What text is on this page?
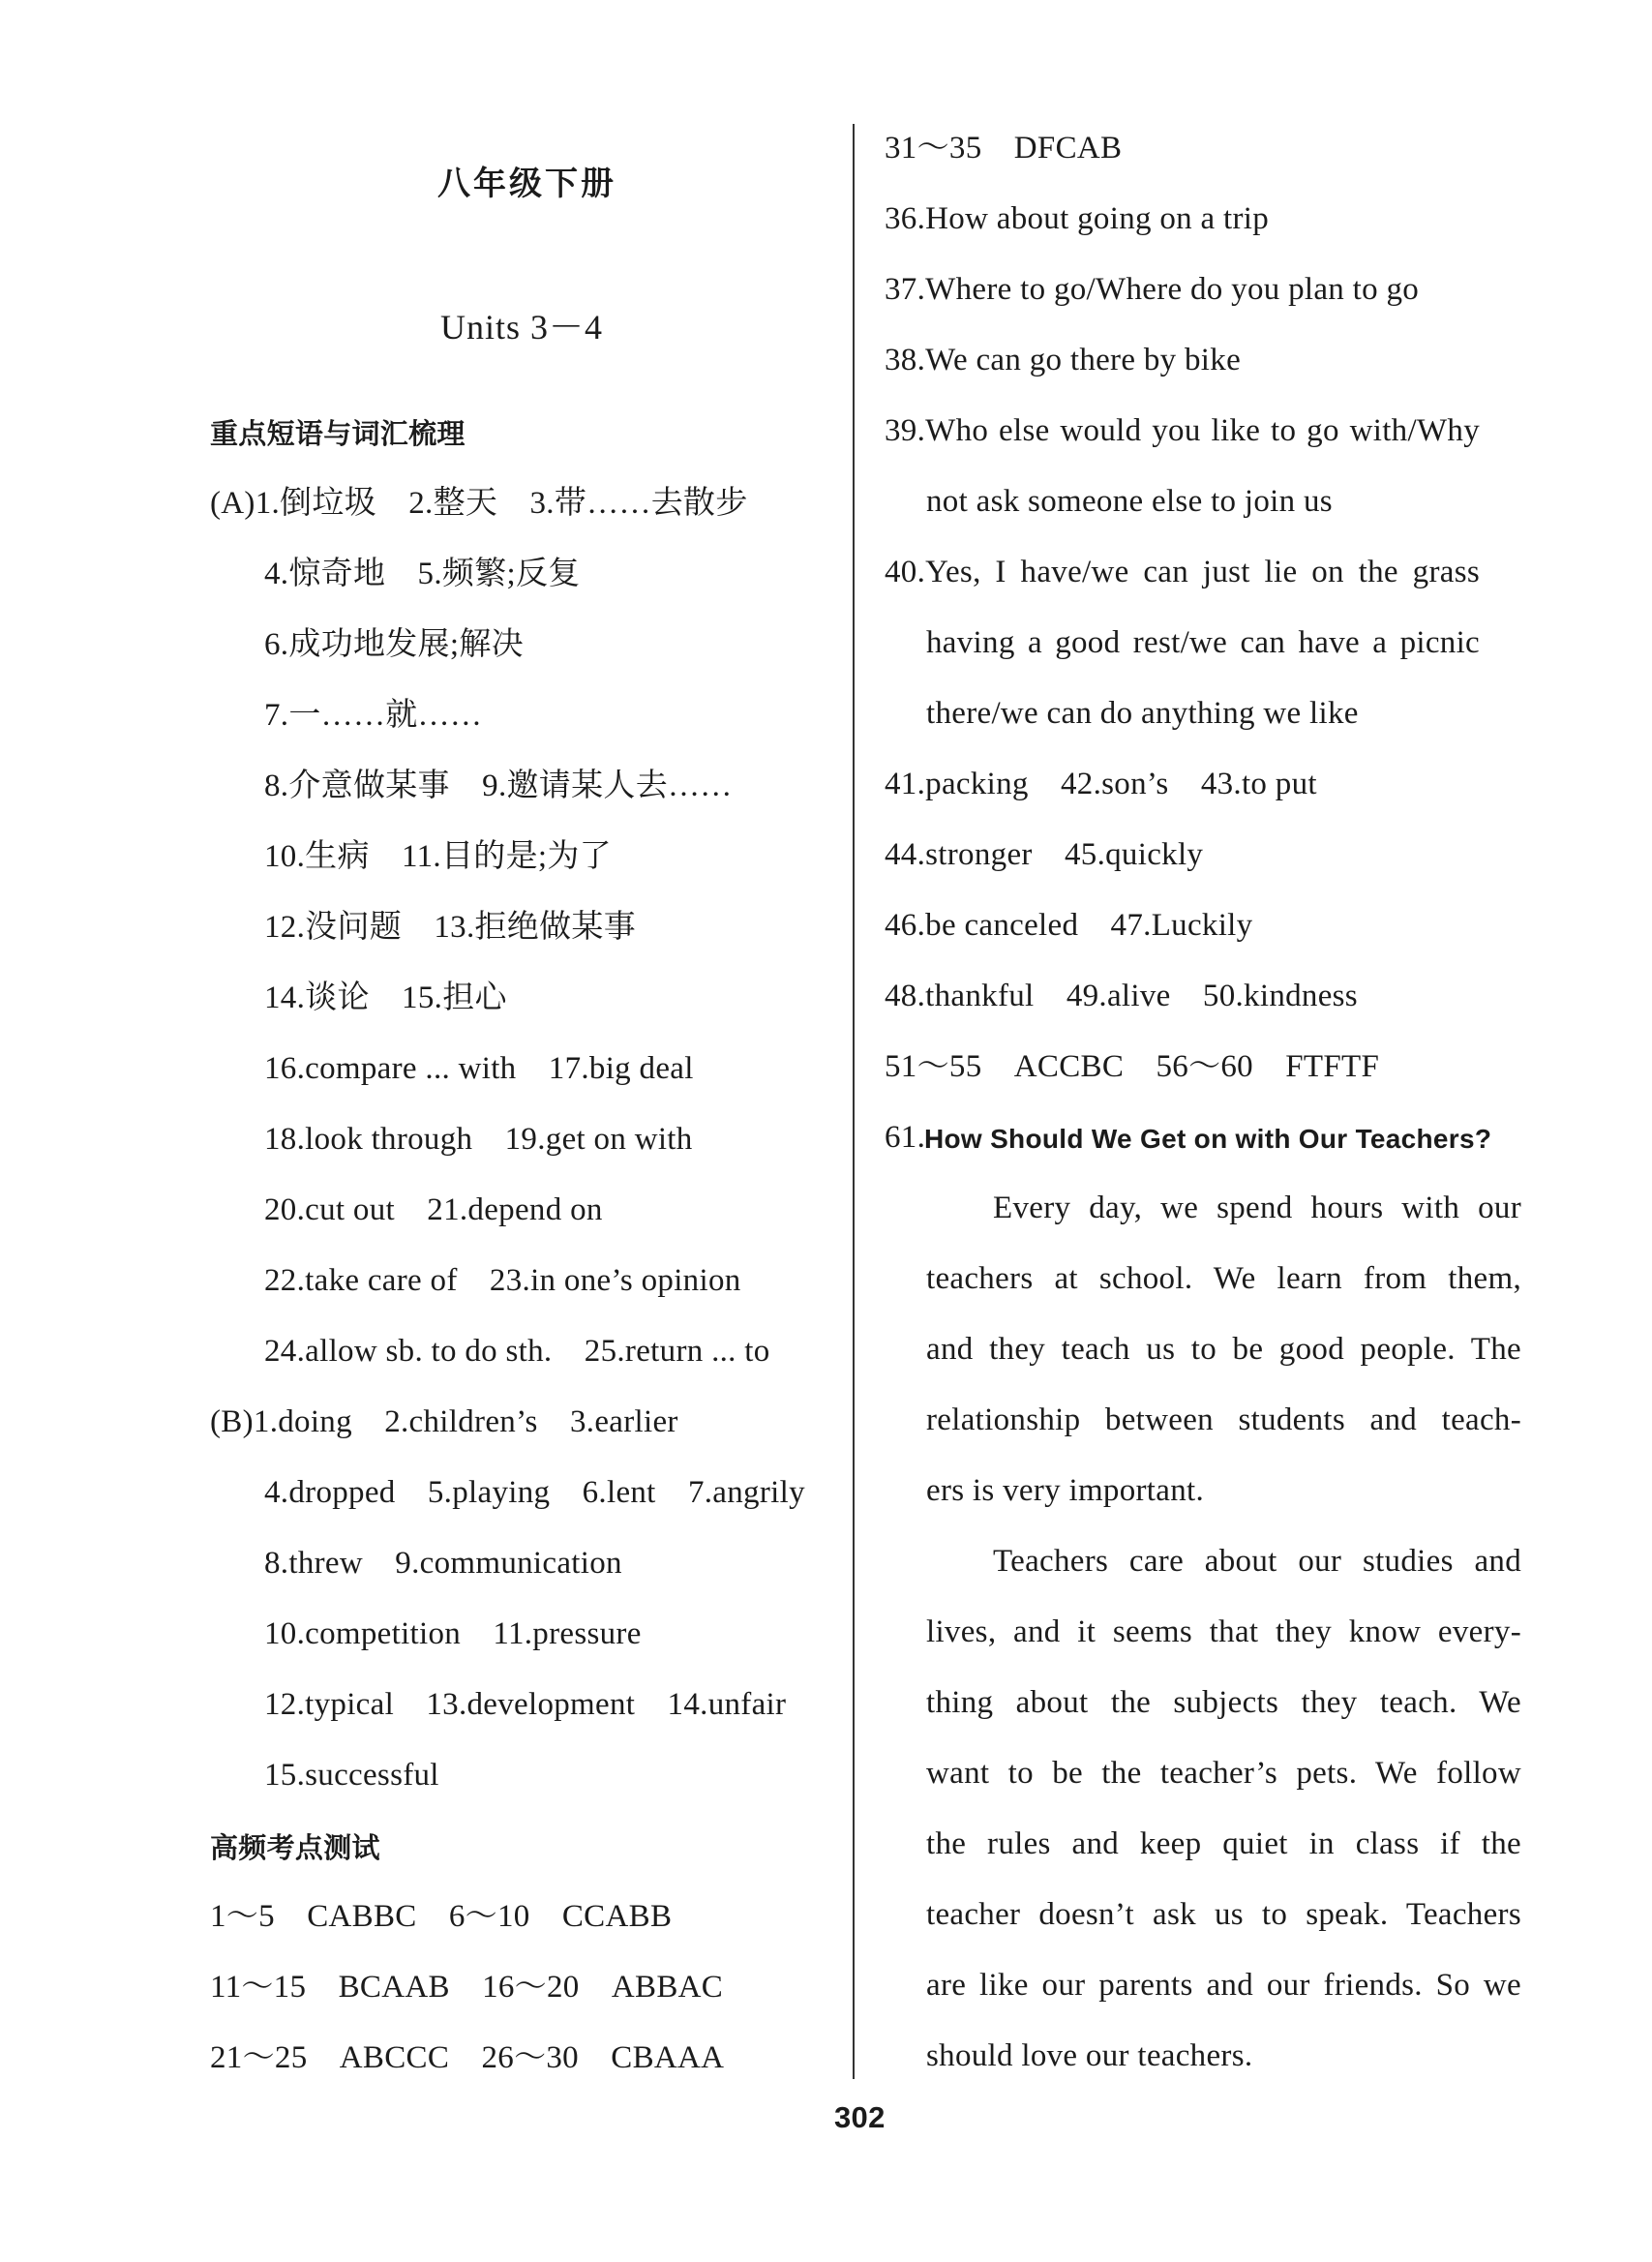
八年级下册
Units 3－4
重点短语与词汇梳理
(A)1.倒垃圾　2.整天　3.带……去散步
4.惊奇地　5.频繁;反复
6.成功地发展;解决
7.一……就……
8.介意做某事　9.邀请某人去……
10.生病　11.目的是;为了
12.没问题　13.拒绝做某事
14.谈论　15.担心
16.compare ... with　17.big deal
18.look through　19.get on with
20.cut out　21.depend on
22.take care of　23.in one’s opinion
24.allow sb. to do sth.　25.return ... to
(B)1.doing　2.children’s　3.earlier
4.dropped　5.playing　6.lent　7.angrily
8.threw　9.communication
10.competition　11.pressure
12.typical　13.development　14.unfair
15.successful
高频考点测试
1～5　CABBC　6～10　CCABB
11～15　BCAAB　16～20　ABBAC
21～25　ABCCC　26～30　CBAAA
31～35　DFCAB
36.How about going on a trip
37.Where to go/Where do you plan to go
38.We can go there by bike
39.Who else would you like to go with/Why
not ask someone else to join us
40.Yes, I have/we can just lie on the grass
having a good rest/we can have a picnic
there/we can do anything we like
41.packing　42.son’s　43.to put
44.stronger　45.quickly
46.be canceled　47.Luckily
48.thankful　49.alive　50.kindness
51～55　ACCBC　56～60　FTFTF
61.
How Should We Get on with Our Teachers?
Every day, we spend hours with our
teachers at school. We learn from them,
and they teach us to be good people. The
relationship between students and teach-
ers is very important.
Teachers care about our studies and
lives, and it seems that they know every-
thing about the subjects they teach. We
want to be the teacher’s pets. We follow
the rules and keep quiet in class if the
teacher doesn’t ask us to speak. Teachers
are like our parents and our friends. So we
should love our teachers.
302
